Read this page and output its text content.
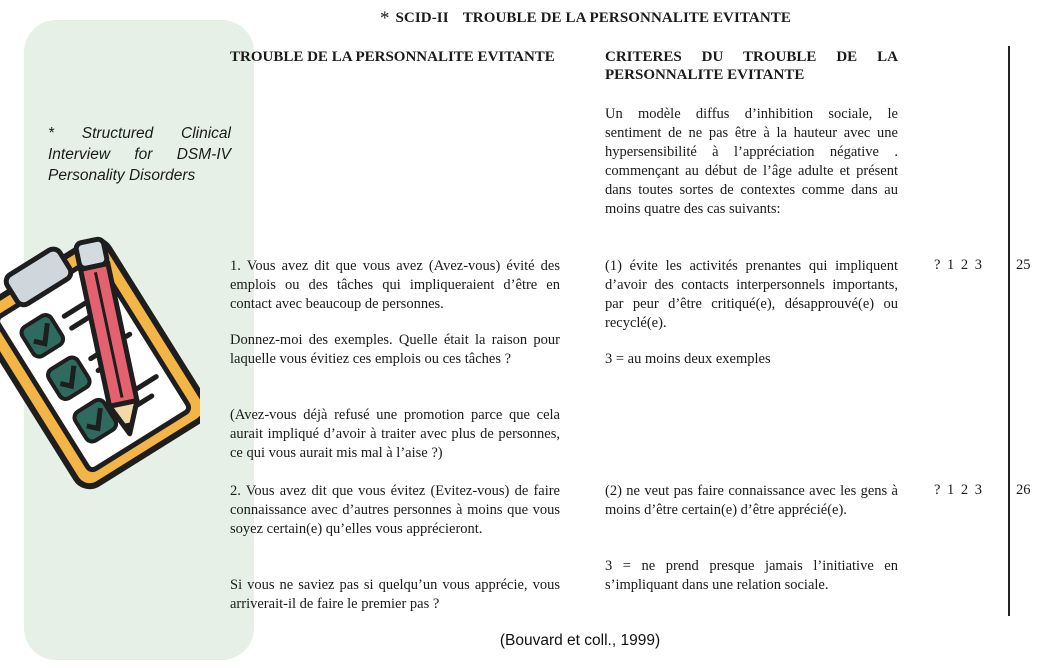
* SCID-II TROUBLE DE LA PERSONNALITE EVITANTE
* Structured Clinical Interview for DSM-IV Personality Disorders
TROUBLE DE LA PERSONNALITE EVITANTE	CRITERES DU TROUBLE DE LA PERSONNALITE EVITANTE
Un modèle diffus d’inhibition sociale, le sentiment de ne pas être à la hauteur avec une hypersensibilité à l’appréciation négative . commençant au début de l’âge adulte et présent dans toutes sortes de contextes comme dans au moins quatre des cas suivants:
1. Vous avez dit que vous avez (Avez-vous) évité des emplois ou des tâches qui impliqueraient d’être en contact avec beaucoup de personnes.
Donnez-moi des exemples. Quelle était la raison pour laquelle vous évitiez ces emplois ou ces tâches ?
(Avez-vous déjà refusé une promotion parce que cela aurait impliqué d’avoir à traiter avec plus de personnes, ce qui vous aurait mis mal à l’aise ?)
(1) évite les activités prenantes qui impliquent d’avoir des contacts interpersonnels importants, par peur d’être critiqué(e), désapprouvé(e) ou recyclé(e).
3 = au moins deux exemples
? 1 2 3 25
2. Vous avez dit que vous évitez (Evitez-vous) de faire connaissance avec d’autres personnes à moins que vous soyez certain(e) qu’elles vous apprécieront.
Si vous ne saviez pas si quelqu’un vous apprécie, vous arriverait-il de faire le premier pas ?
(2) ne veut pas faire connaissance avec les gens à moins d’être certain(e) d’être apprécié(e).
3 = ne prend presque jamais l’initiative en s’impliquant dans une relation sociale.
? 1 2 3 26
(Bouvard et coll., 1999)
